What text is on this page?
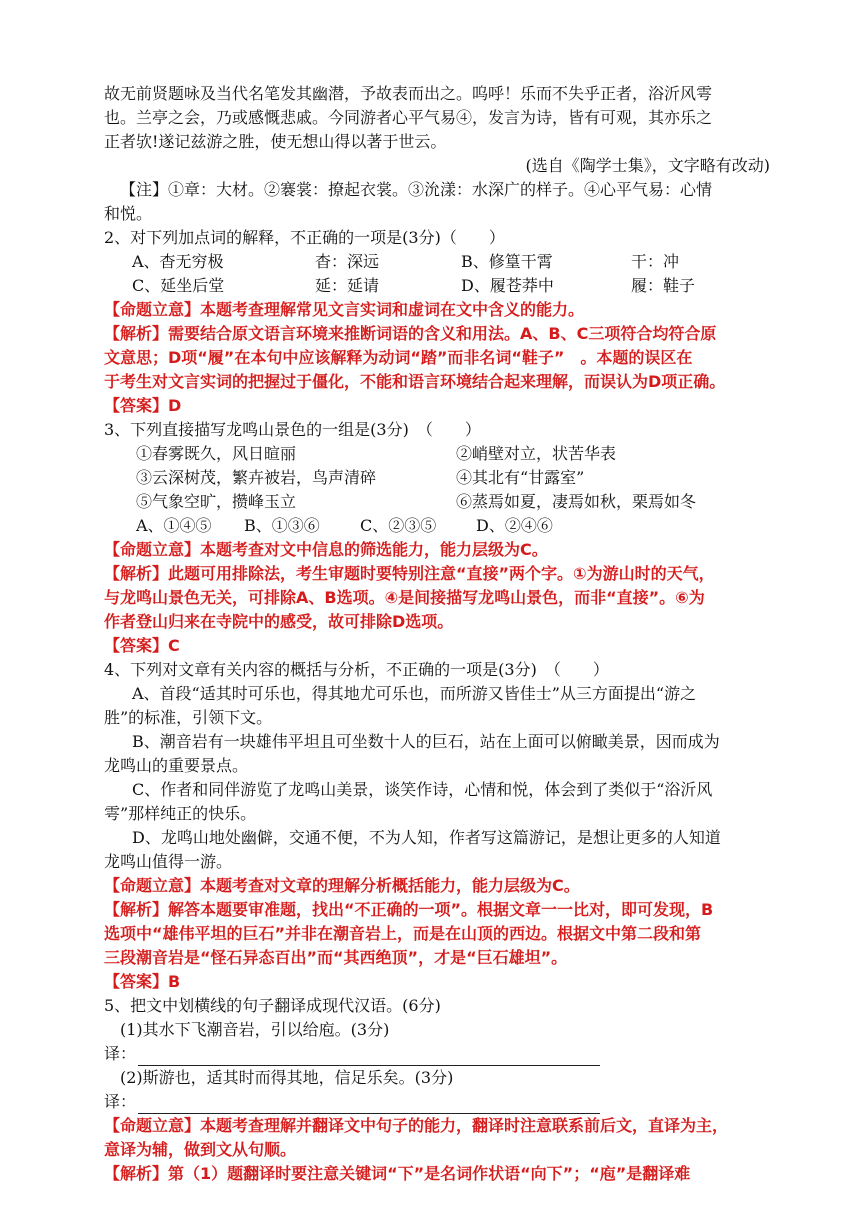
故无前贤题咏及当代名笔发其幽潜，予故表而出之。呜呼！乐而不失乎正者，浴沂风雩

也。兰亭之会，乃或感慨悲戚。今同游者心平气易④，发言为诗，皆有可观，其亦乐之

正者欤!遂记兹游之胜，使无想山得以著于世云。

(选自《陶学士集》，文字略有改动)

【注】①章：大材。②褰裳：撩起衣裳。③沇漾：水深广的样子。④心平气易：心情

和悦。

2、对下列加点词的解释，不正确的一项是(3分)（　　）

A、杳无穷极	杳：深远	B、修篁干霄	干：冲
C、延坐后堂	延：延请	D、履苍莽中	履：鞋子

【命题立意】本题考查理解常见文言实词和虚词在文中含义的能力。

【解析】需要结合原文语言环境来推断词语的含义和用法。A、B、C三项符合均符合原

文意思；D项“履”在本句中应该解释为动词“踏”而非名词“鞋子”　。本题的误区在

于考生对文言实词的把握过于僵化，不能和语言环境结合起来理解，而误认为D项正确。

【答案】D

3、下列直接描写龙鸣山景色的一组是(3分)　（　　）

①春雾既久，风日暄丽	②峭壁对立，状苦华表
③云深树茂，繁卉被岩，鸟声清碎	④其北有“甘露室”
⑤气象空旷，攒峰玉立	⑥蒸焉如夏，凄焉如秋，栗焉如冬
A、①④⑤ B、①③⑥	C、②③⑤ D、②④⑥

【命题立意】本题考查对文中信息的筛选能力，能力层级为C。

【解析】此题可用排除法，考生审题时要特别注意“直接”两个字。①为游山时的天气，

与龙鸣山景色无关，可排除A、B选项。④是间接描写龙鸣山景色，而非“直接”。⑥为

作者登山归来在寺院中的感受，故可排除D选项。

【答案】C

4、下列对文章有关内容的概括与分析，不正确的一项是(3分)　（　　）

A、首段“适其时可乐也，得其地尤可乐也，而所游又皆佳士”从三方面提出“游之

胜”的标准，引领下文。

B、潮音岩有一块雄伟平坦且可坐数十人的巨石，站在上面可以俯瞰美景，因而成为

龙鸣山的重要景点。

C、作者和同伴游览了龙鸣山美景，谈笑作诗，心情和悦，体会到了类似于“浴沂风

雩”那样纯正的快乐。

D、龙鸣山地处幽僻，交通不便，不为人知，作者写这篇游记，是想让更多的人知道

龙鸣山值得一游。

【命题立意】本题考查对文章的理解分析概括能力，能力层级为C。

【解析】解答本题要审准题，找出“不正确的一项”。根据文章一一比对，即可发现，B

选项中“雄伟平坦的巨石”并非在潮音岩上，而是在山顶的西边。根据文中第二段和第

三段潮音岩是“怪石异态百出”而“其西绝顶”，才是“巨石雄坦”。

【答案】B

5、把文中划横线的句子翻译成现代汉语。(6分)

(1)其水下飞潮音岩，引以给庖。(3分)

译：

(2)斯游也，适其时而得其地，信足乐矣。(3分)

译：

【命题立意】本题考查理解并翻译文中句子的能力，翻译时注意联系前后文，直译为主，

意译为辅，做到文从句顺。

【解析】第（1）题翻译时要注意关键词“下”是名词作状语“向下”；“庖”是翻译难
